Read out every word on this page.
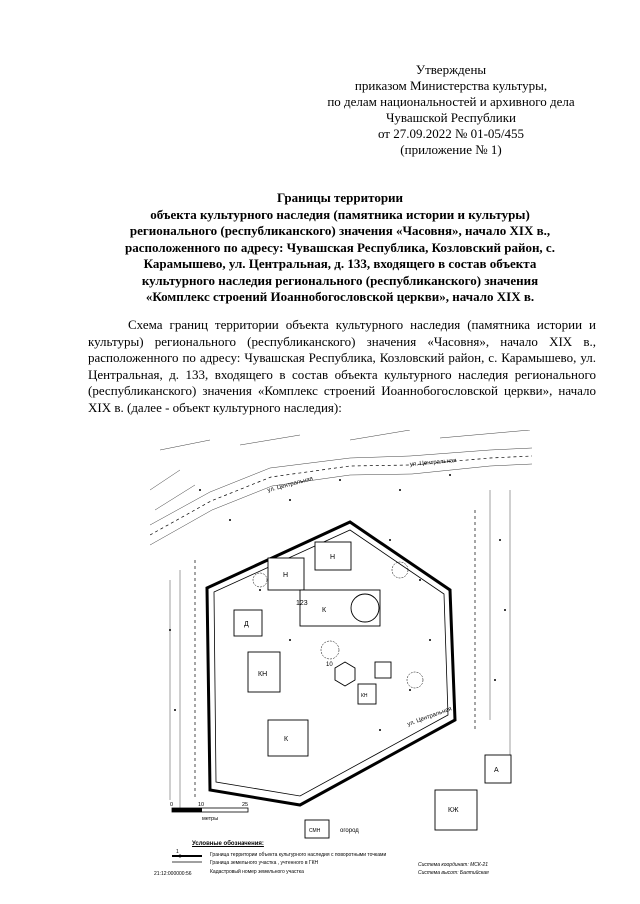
Утверждены
приказом Министерства культуры,
по делам национальностей и архивного дела
Чувашской Республики
от 27.09.2022 № 01-05/455
(приложение № 1)
Границы территории
объекта культурного наследия (памятника истории и культуры)
регионального (республиканского) значения «Часовня», начало XIX в.,
расположенного по адресу: Чувашская Республика, Козловский район, с.
Карамышево, ул. Центральная, д. 133, входящего в состав объекта
культурного наследия регионального (республиканского) значения
«Комплекс строений Иоаннобогословской церкви», начало XIX в.
Схема границ территории объекта культурного наследия (памятника истории и культуры) регионального (республиканского) значения «Часовня», начало XIX в., расположенного по адресу: Чувашская Республика, Козловский район, с. Карамышево, ул. Центральная, д. 133, входящего в состав объекта культурного наследия регионального (республиканского) значения «Комплекс строений Иоаннобогословской церкви», начало XIX в. (далее - объект культурного наследия):
ул. Центральная
ул. Центральная
ул. Центральная
огород
123
Н
Н
К
Д
КН
К
10
КН
КЖ
А
СМН
0	10	25
метры
Условные обозначения:
1	Граница территории объекта культурного наследия с поворотными точками
Граница земельного участка , учтенного в ГКН
Кадастровый номер земельного участка
21:12:000000:56
Система координат: МСК-21
Система высот: Балтийская
